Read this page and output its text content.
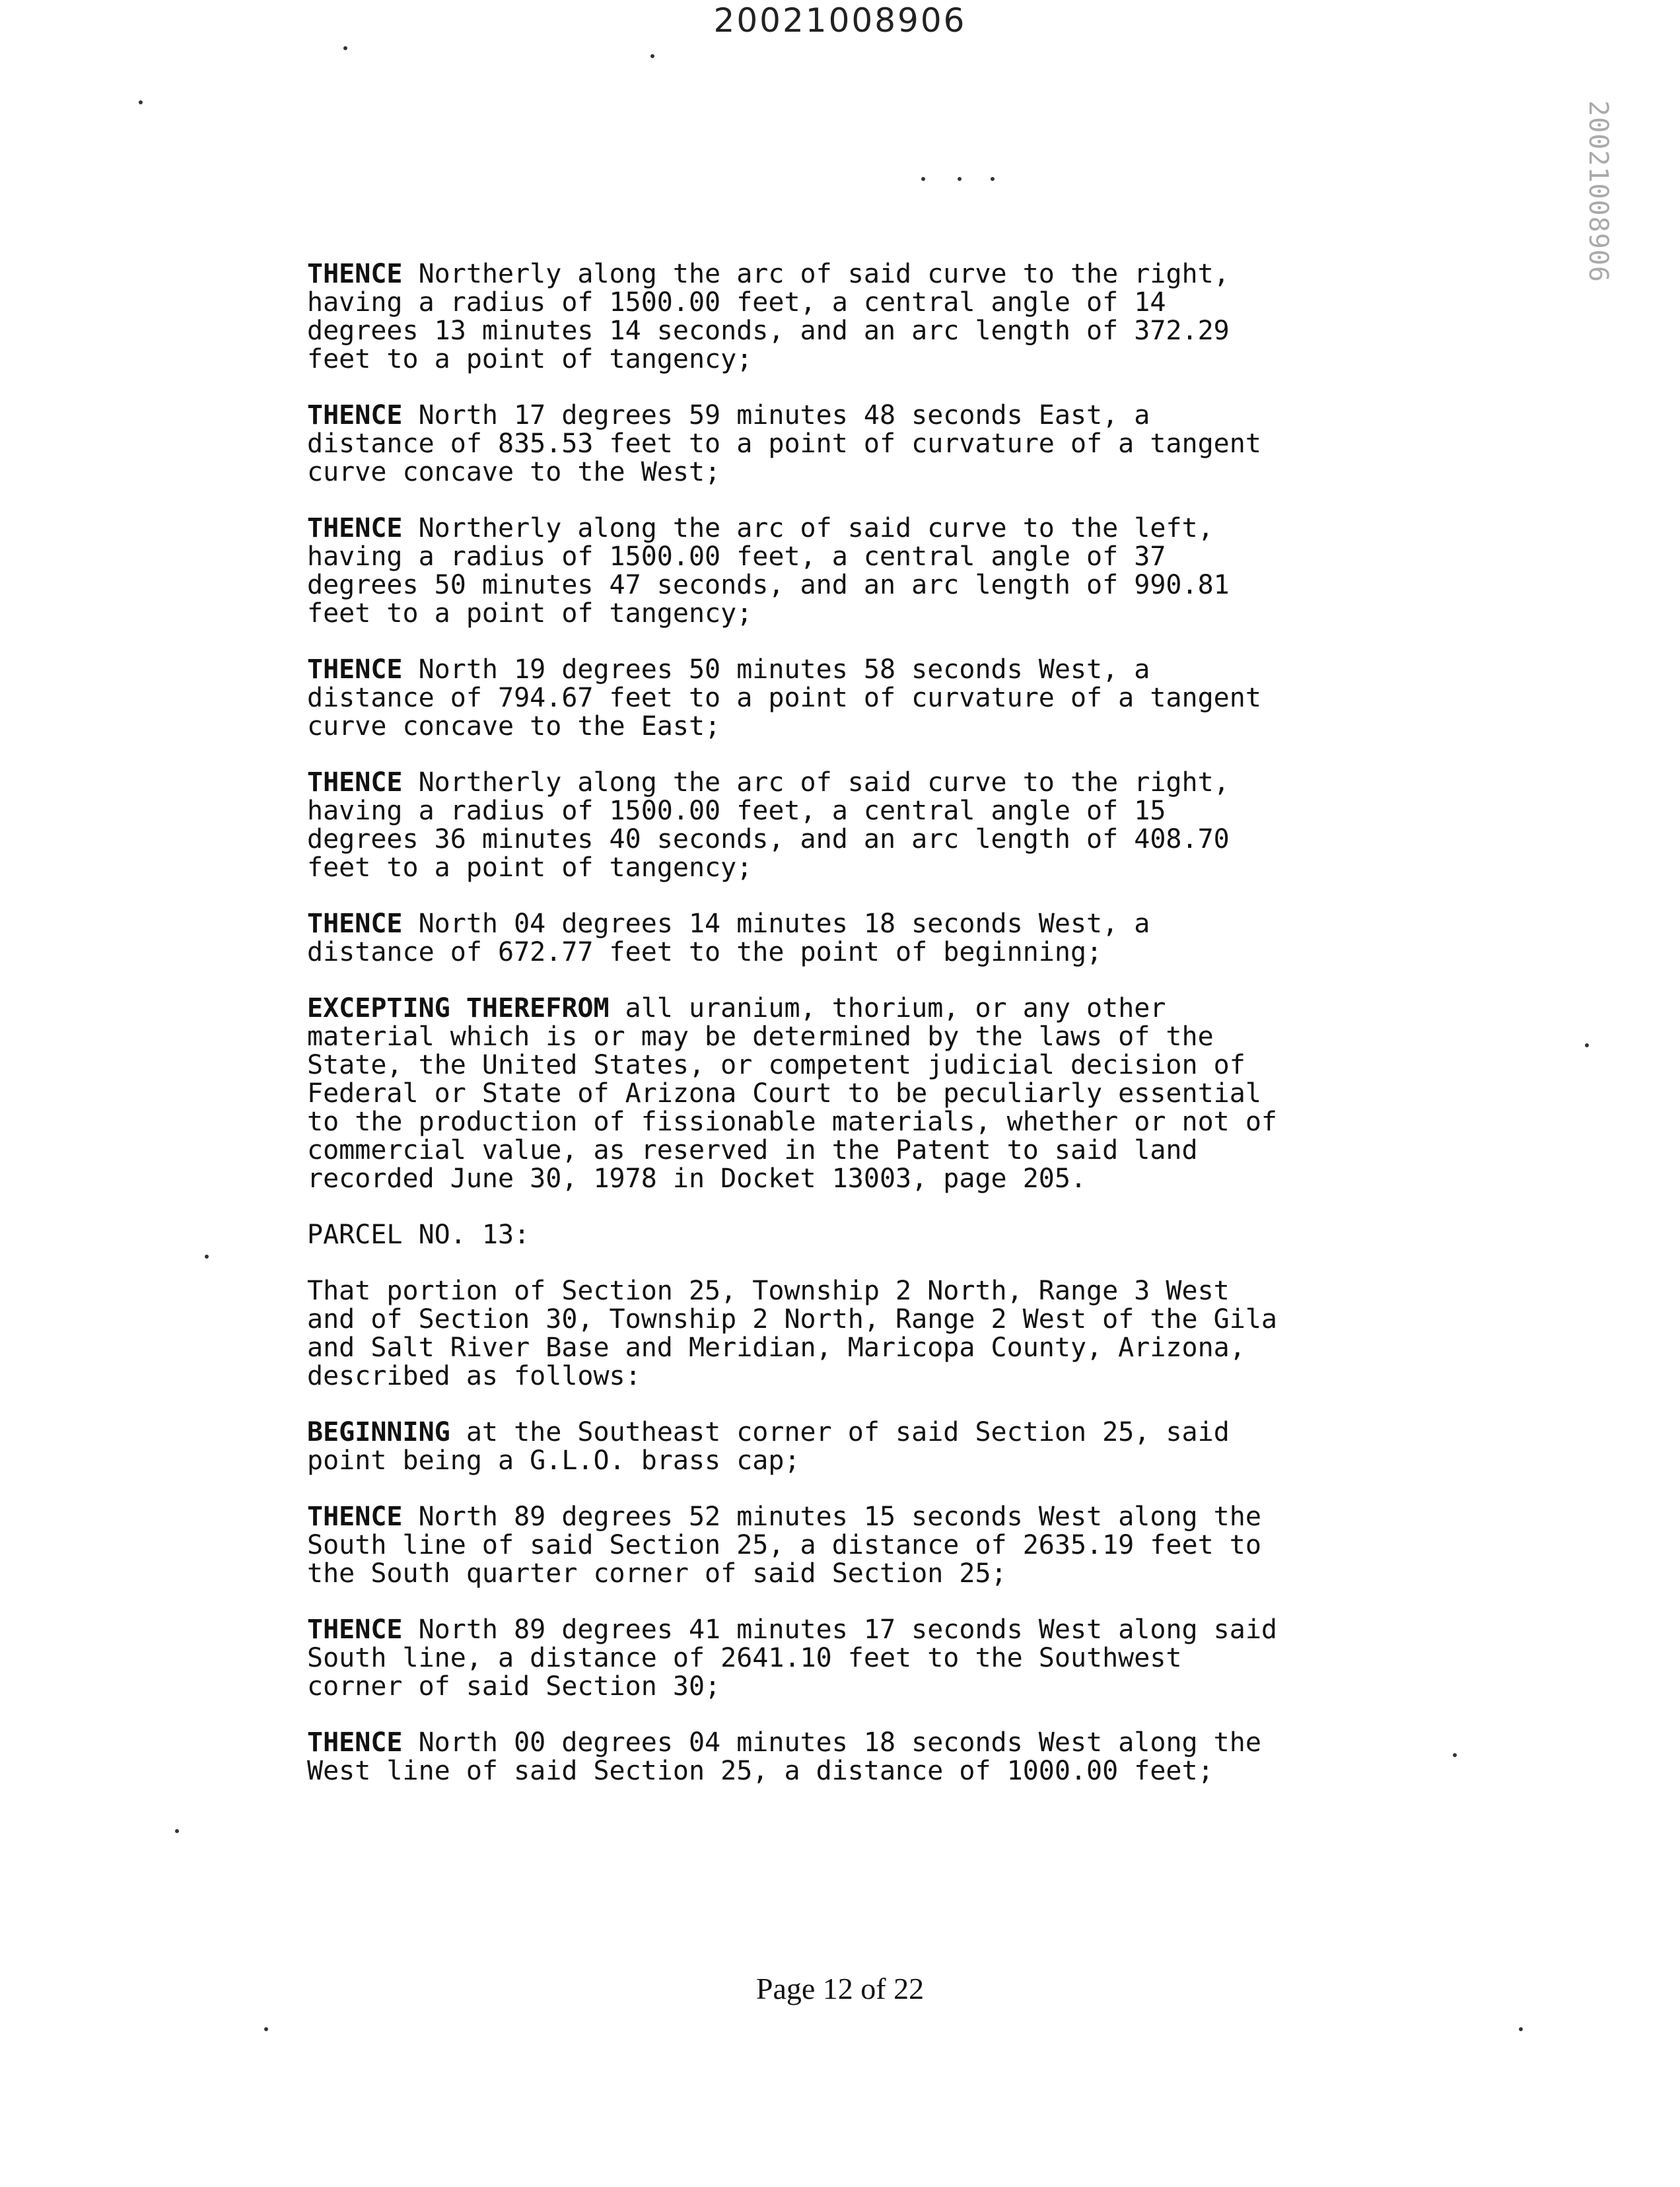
20021008906
20021008906
THENCE Northerly along the arc of said curve to the right,
having a radius of 1500.00 feet, a central angle of 14
degrees 13 minutes 14 seconds, and an arc length of 372.29
feet to a point of tangency;
THENCE North 17 degrees 59 minutes 48 seconds East, a
distance of 835.53 feet to a point of curvature of a tangent
curve concave to the West;
THENCE Northerly along the arc of said curve to the left,
having a radius of 1500.00 feet, a central angle of 37
degrees 50 minutes 47 seconds, and an arc length of 990.81
feet to a point of tangency;
THENCE North 19 degrees 50 minutes 58 seconds West, a
distance of 794.67 feet to a point of curvature of a tangent
curve concave to the East;
THENCE Northerly along the arc of said curve to the right,
having a radius of 1500.00 feet, a central angle of 15
degrees 36 minutes 40 seconds, and an arc length of 408.70
feet to a point of tangency;
THENCE North 04 degrees 14 minutes 18 seconds West, a
distance of 672.77 feet to the point of beginning;
EXCEPTING THEREFROM all uranium, thorium, or any other
material which is or may be determined by the laws of the
State, the United States, or competent judicial decision of
Federal or State of Arizona Court to be peculiarly essential
to the production of fissionable materials, whether or not of
commercial value, as reserved in the Patent to said land
recorded June 30, 1978 in Docket 13003, page 205.
PARCEL NO. 13:
That portion of Section 25, Township 2 North, Range 3 West
and of Section 30, Township 2 North, Range 2 West of the Gila
and Salt River Base and Meridian, Maricopa County, Arizona,
described as follows:
BEGINNING at the Southeast corner of said Section 25, said
point being a G.L.O. brass cap;
THENCE North 89 degrees 52 minutes 15 seconds West along the
South line of said Section 25, a distance of 2635.19 feet to
the South quarter corner of said Section 25;
THENCE North 89 degrees 41 minutes 17 seconds West along said
South line, a distance of 2641.10 feet to the Southwest
corner of said Section 30;
THENCE North 00 degrees 04 minutes 18 seconds West along the
West line of said Section 25, a distance of 1000.00 feet;
Page 12 of 22
